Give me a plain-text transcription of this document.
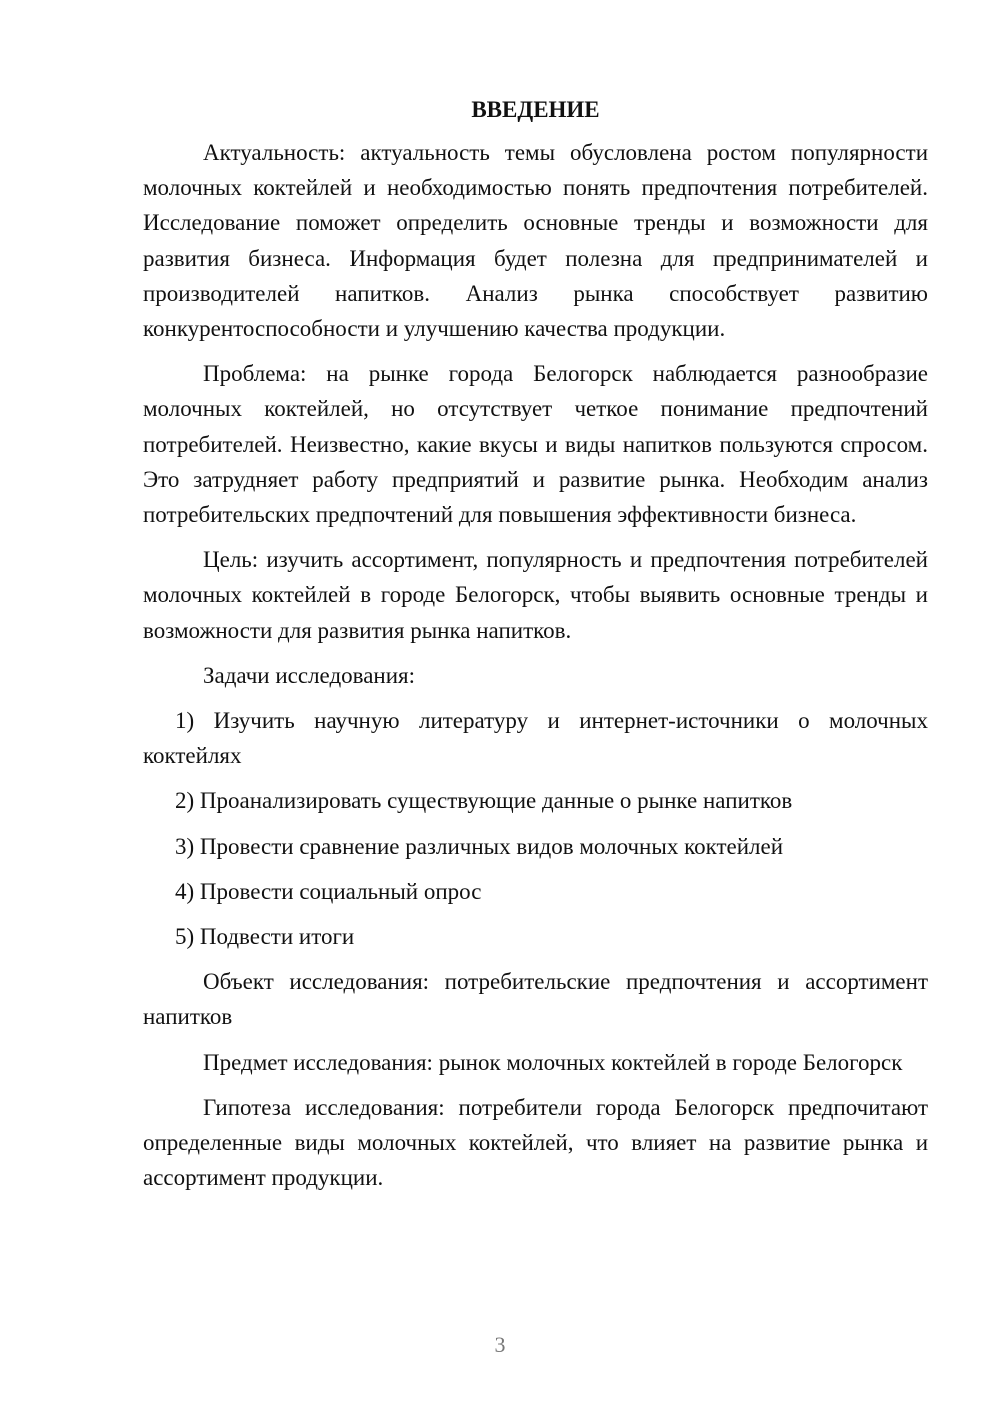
ВВЕДЕНИЕ

Актуальность: актуальность темы обусловлена ростом популярности молочных коктейлей и необходимостью понять предпочтения потребителей. Исследование поможет определить основные тренды и возможности для развития бизнеса. Информация будет полезна для предпринимателей и производителей напитков. Анализ рынка способствует развитию конкурентоспособности и улучшению качества продукции.

Проблема: на рынке города Белогорск наблюдается разнообразие молочных коктейлей, но отсутствует четкое понимание предпочтений потребителей. Неизвестно, какие вкусы и виды напитков пользуются спросом. Это затрудняет работу предприятий и развитие рынка. Необходим анализ потребительских предпочтений для повышения эффективности бизнеса.

Цель: изучить ассортимент, популярность и предпочтения потребителей молочных коктейлей в городе Белогорск, чтобы выявить основные тренды и возможности для развития рынка напитков.

Задачи исследования:

1) Изучить научную литературу и интернет-источники о молочных коктейлях
2) Проанализировать существующие данные о рынке напитков
3) Провести сравнение различных видов молочных коктейлей
4) Провести социальный опрос
5) Подвести итоги

Объект исследования: потребительские предпочтения и ассортимент напитков

Предмет исследования: рынок молочных коктейлей в городе Белогорск

Гипотеза исследования: потребители города Белогорск предпочитают определенные виды молочных коктейлей, что влияет на развитие рынка и ассортимент продукции.

3
